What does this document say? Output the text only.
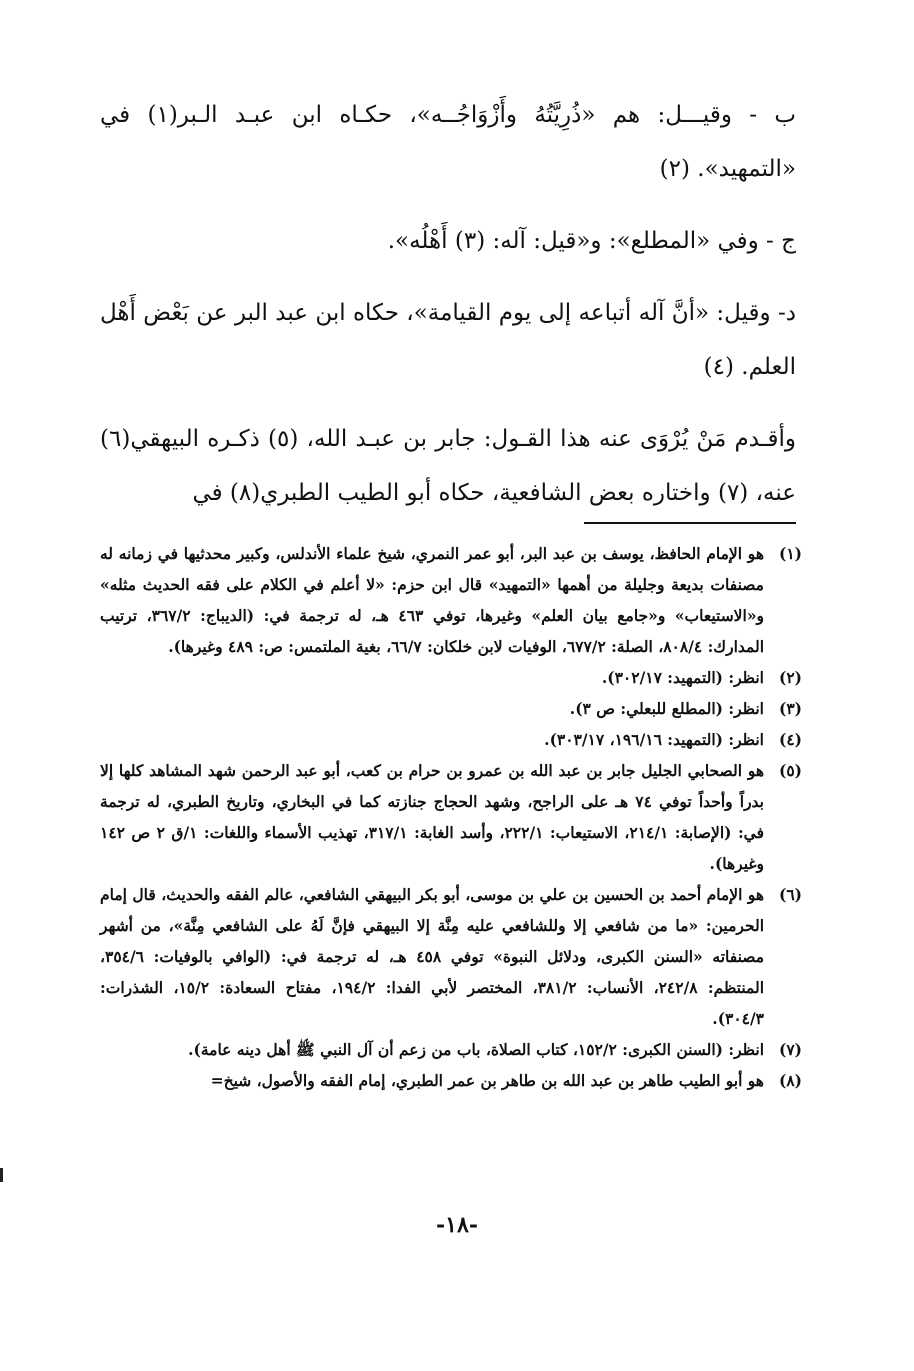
ب - وقيـــل: هم «ذُرِيَّتُهُ وأَزْوَاجُــه»، حكـاه ابن عبـد الـبر(١) في «التمهيد». (٢)

ج - وفي «المطلع»: و«قيل: آله: (٣) أَهْلُه».

د- وقيل: «أنَّ آله أتباعه إلى يوم القيامة»، حكاه ابن عبد البر عن بَعْض أَهْل العلم. (٤)

وأقـدم مَنْ يُرْوَى عنه هذا القـول: جابر بن عبـد الله، (٥) ذكـره البيهقي(٦) عنه، (٧) واختاره بعض الشافعية، حكاه أبو الطيب الطبري(٨) في

(١)
هو الإمام الحافظ، يوسف بن عبد البر، أبو عمر النمري، شيخ علماء الأندلس، وكبير محدثيها في زمانه له مصنفات بديعة وجليلة من أهمها «التمهيد» قال ابن حزم: «لا أعلم في الكلام على فقه الحديث مثله» و«الاستيعاب» و«جامع بيان العلم» وغيرها، توفي ٤٦٣ هـ، له ترجمة في: (الديباج: ٣٦٧/٢، ترتيب المدارك: ٨٠٨/٤، الصلة: ٦٧٧/٢، الوفيات لابن خلكان: ٦٦/٧، بغية الملتمس: ص: ٤٨٩ وغيرها).
(٢)
انظر: (التمهيد: ٣٠٢/١٧).
(٣)
انظر: (المطلع للبعلي: ص ٣).
(٤)
انظر: (التمهيد: ١٩٦/١٦، ٣٠٣/١٧).
(٥)
هو الصحابي الجليل جابر بن عبد الله بن عمرو بن حرام بن كعب، أبو عبد الرحمن شهد المشاهد كلها إلا بدراً وأحداً توفي ٧٤ هـ على الراجح، وشهد الحجاج جنازته كما في البخاري، وتاريخ الطبري، له ترجمة في: (الإصابة: ٢١٤/١، الاستيعاب: ٢٢٢/١، وأسد الغابة: ٣١٧/١، تهذيب الأسماء واللغات: ١/ق ٢ ص ١٤٢ وغيرها).
(٦)
هو الإمام أحمد بن الحسين بن علي بن موسى، أبو بكر البيهقي الشافعي، عالم الفقه والحديث، قال إمام الحرمين: «ما من شافعي إلا وللشافعي عليه مِنَّة إلا البيهقي فإنَّ لَهُ على الشافعي مِنَّة»، من أشهر مصنفاته «السنن الكبرى، ودلائل النبوة» توفي ٤٥٨ هـ، له ترجمة في: (الوافي بالوفيات: ٣٥٤/٦، المنتظم: ٢٤٢/٨، الأنساب: ٣٨١/٢، المختصر لأبي الفدا: ١٩٤/٢، مفتاح السعادة: ١٥/٢، الشذرات: ٣٠٤/٣).
(٧)
انظر: (السنن الكبرى: ١٥٢/٢، كتاب الصلاة، باب من زعم أن آل النبي ﷺ أهل دينه عامة).
(٨)
هو أبو الطيب طاهر بن عبد الله بن طاهر بن عمر الطبري، إمام الفقه والأصول، شيخ=
-١٨-
